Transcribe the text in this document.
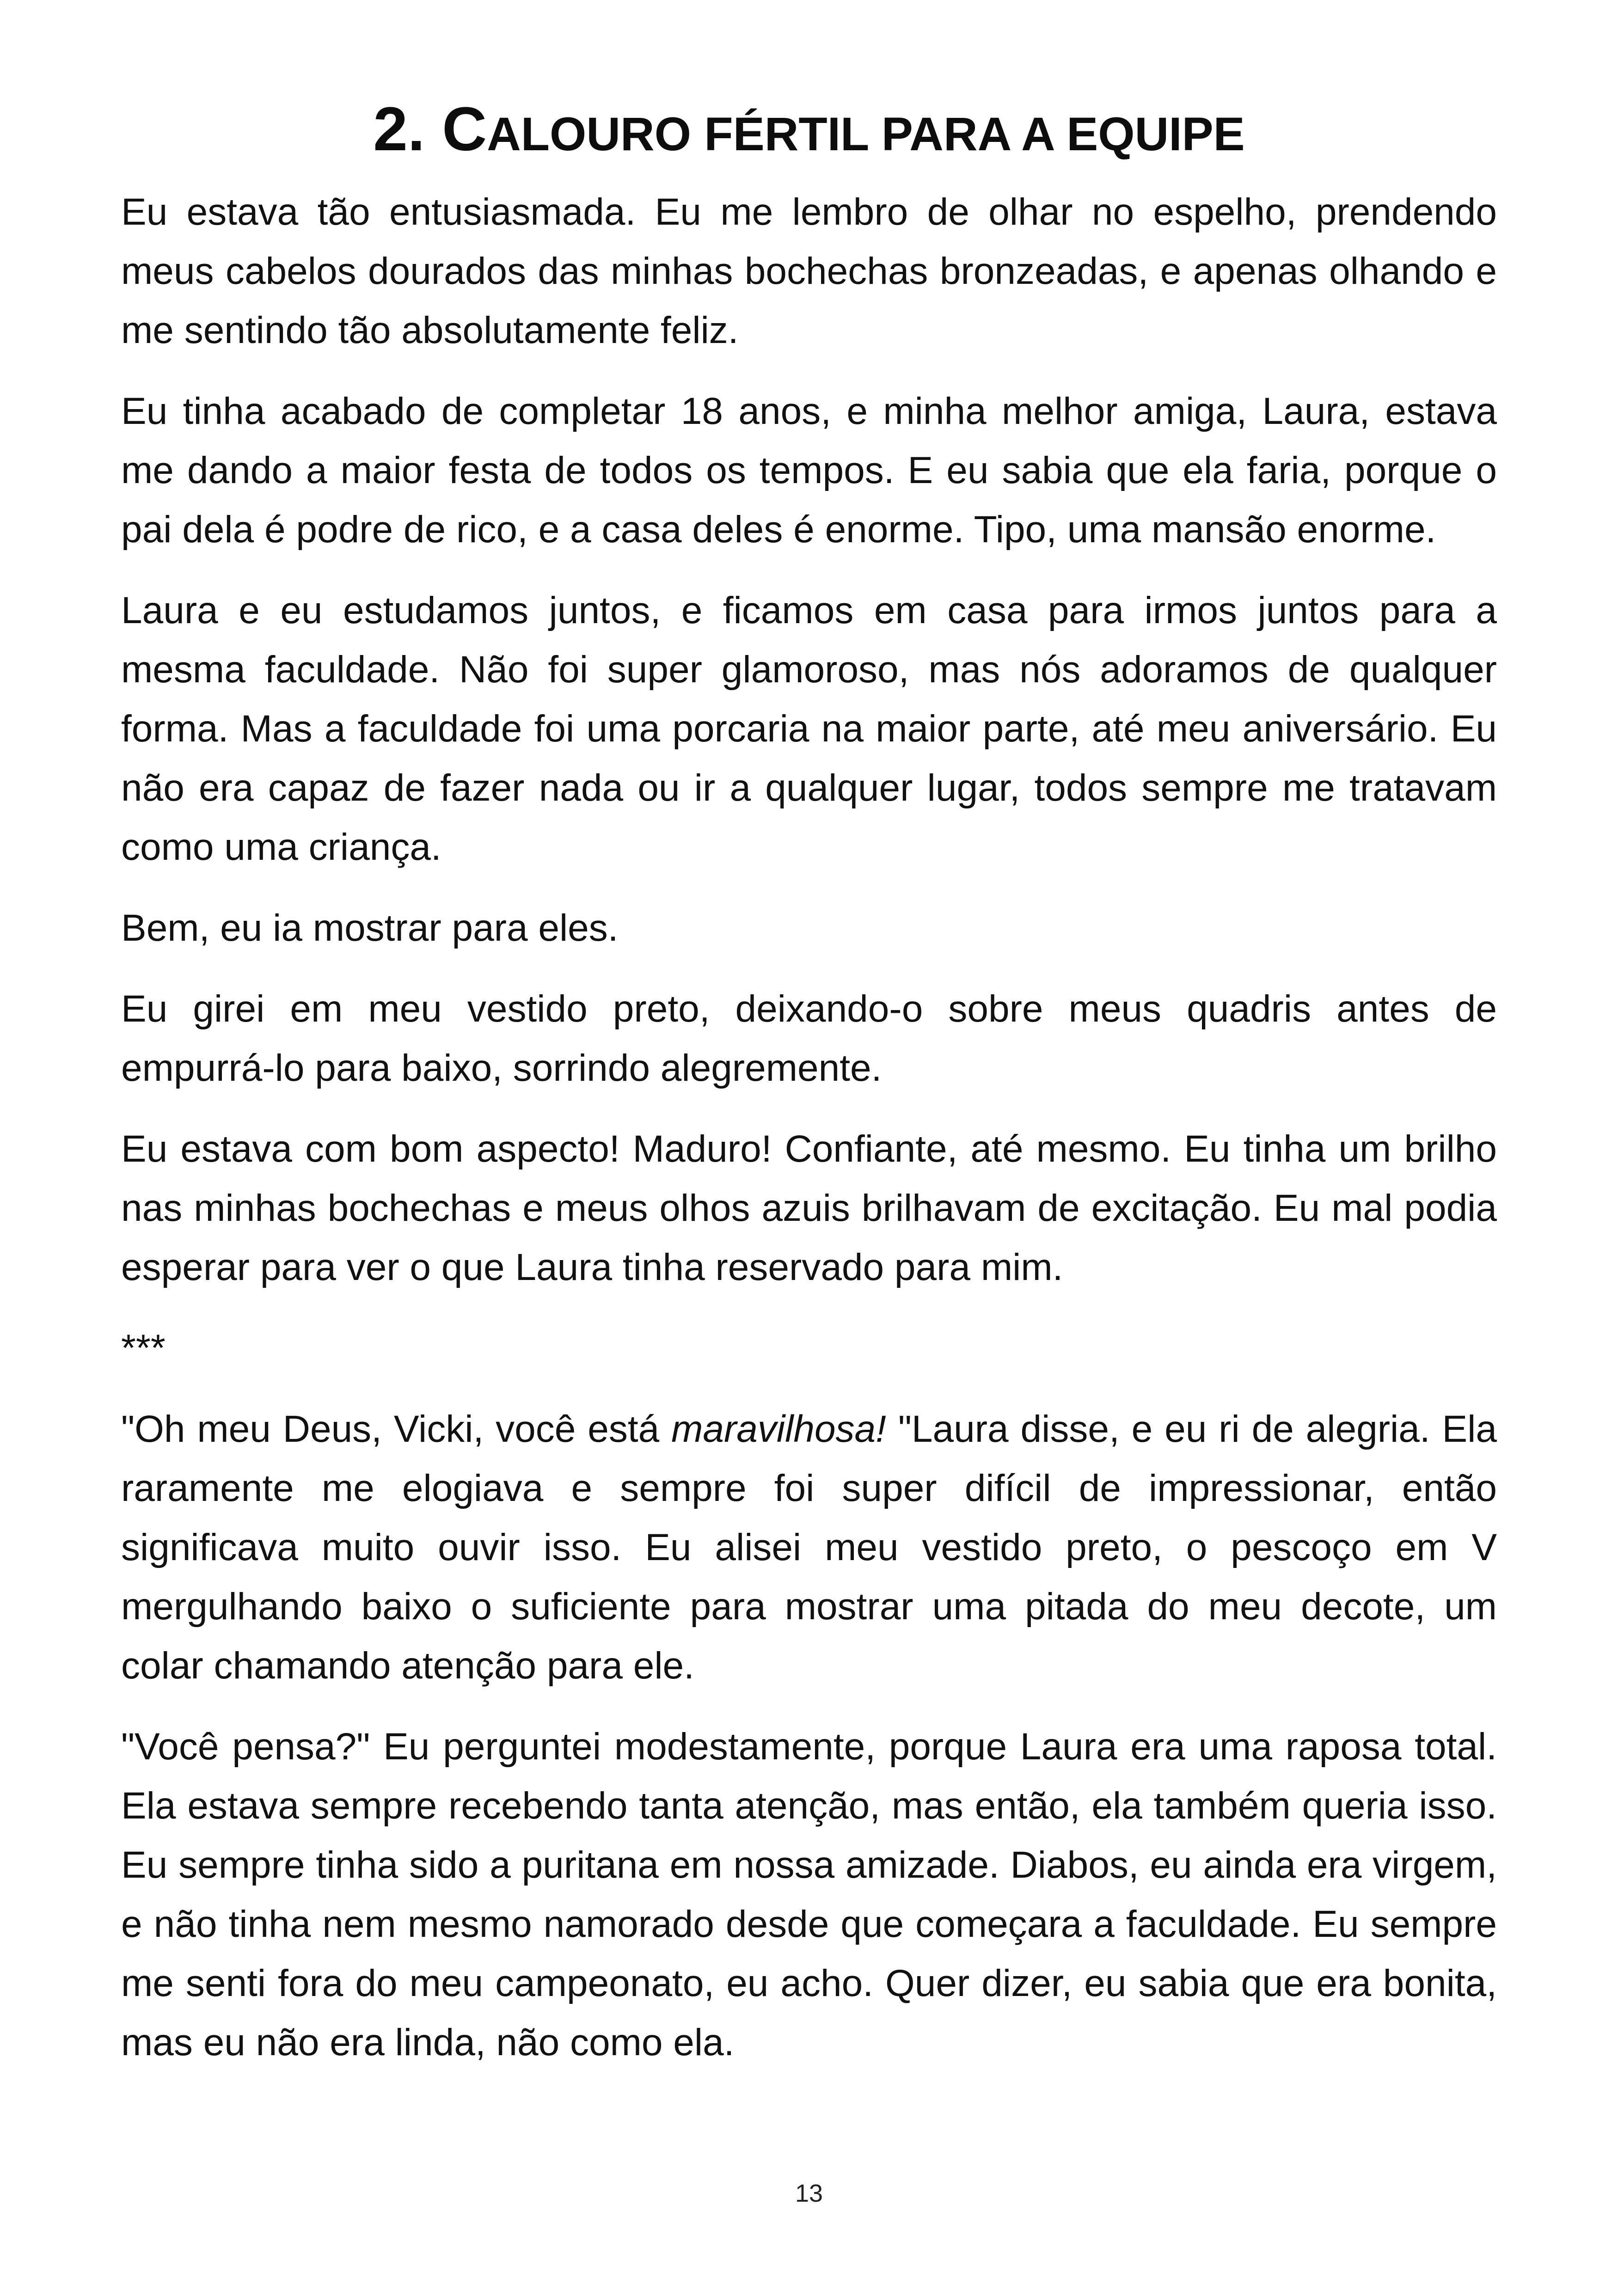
2. CALOURO FÉRTIL PARA A EQUIPE

Eu estava tão entusiasmada. Eu me lembro de olhar no espelho, prendendo meus cabelos dourados das minhas bochechas bronzeadas, e apenas olhando e me sentindo tão absolutamente feliz.

Eu tinha acabado de completar 18 anos, e minha melhor amiga, Laura, estava me dando a maior festa de todos os tempos. E eu sabia que ela faria, porque o pai dela é podre de rico, e a casa deles é enorme. Tipo, uma mansão enorme.

Laura e eu estudamos juntos, e ficamos em casa para irmos juntos para a mesma faculdade. Não foi super glamoroso, mas nós adoramos de qualquer forma. Mas a faculdade foi uma porcaria na maior parte, até meu aniversário. Eu não era capaz de fazer nada ou ir a qualquer lugar, todos sempre me tratavam como uma criança.

Bem, eu ia mostrar para eles.

Eu girei em meu vestido preto, deixando-o sobre meus quadris antes de empurrá-lo para baixo, sorrindo alegremente.

Eu estava com bom aspecto! Maduro! Confiante, até mesmo. Eu tinha um brilho nas minhas bochechas e meus olhos azuis brilhavam de excitação. Eu mal podia esperar para ver o que Laura tinha reservado para mim.

***

"Oh meu Deus, Vicki, você está maravilhosa! "Laura disse, e eu ri de alegria. Ela raramente me elogiava e sempre foi super difícil de impressionar, então significava muito ouvir isso. Eu alisei meu vestido preto, o pescoço em V mergulhando baixo o suficiente para mostrar uma pitada do meu decote, um colar chamando atenção para ele.

"Você pensa?" Eu perguntei modestamente, porque Laura era uma raposa total. Ela estava sempre recebendo tanta atenção, mas então, ela também queria isso. Eu sempre tinha sido a puritana em nossa amizade. Diabos, eu ainda era virgem, e não tinha nem mesmo namorado desde que começara a faculdade. Eu sempre me senti fora do meu campeonato, eu acho. Quer dizer, eu sabia que era bonita, mas eu não era linda, não como ela.

13
